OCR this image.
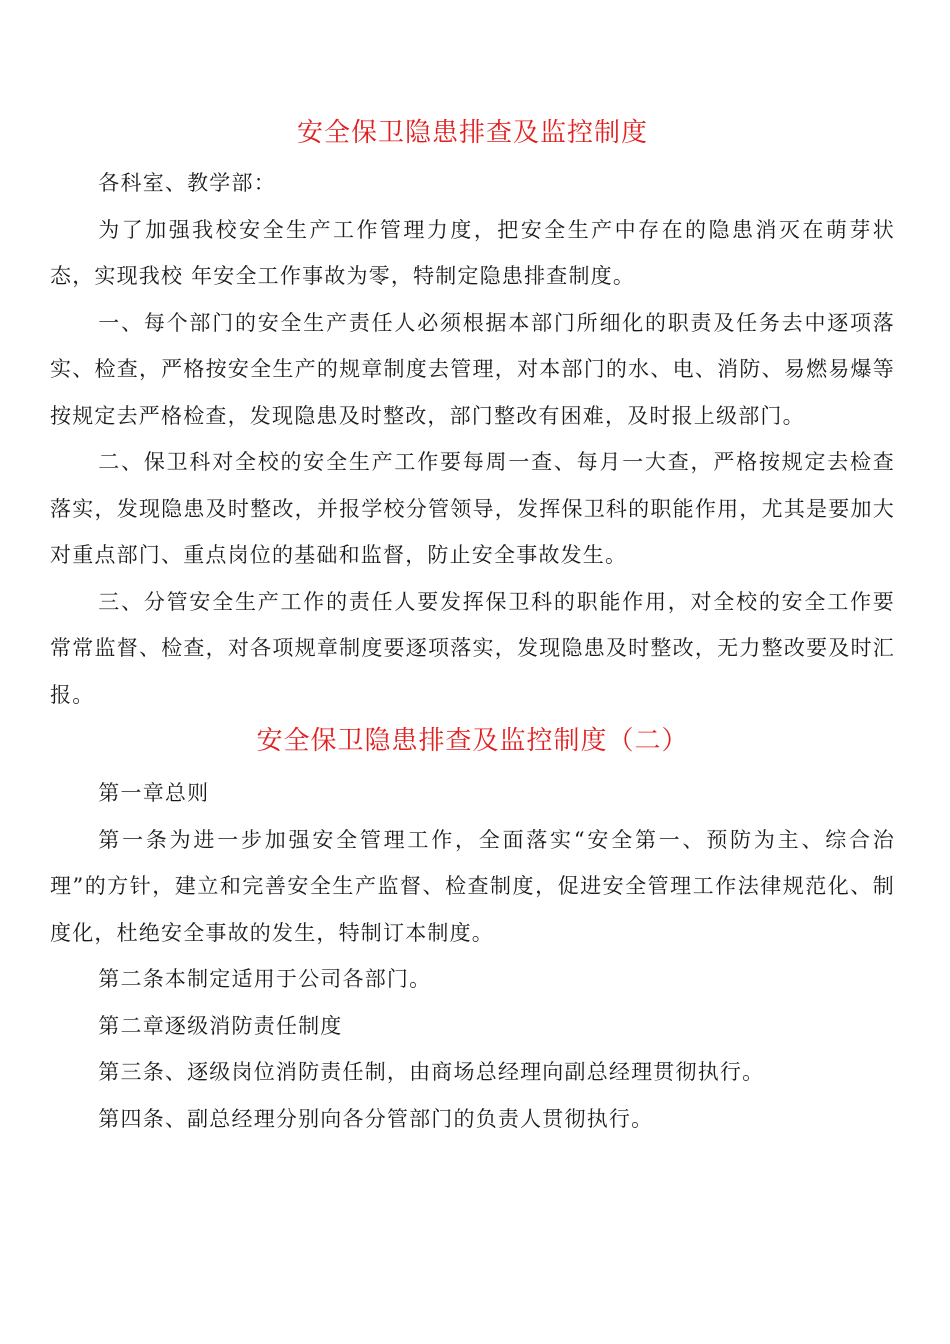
安全保卫隐患排查及监控制度

各科室、教学部：

为了加强我校安全生产工作管理力度，把安全生产中存在的隐患消灭在萌芽状态，实现我校 年安全工作事故为零，特制定隐患排查制度。

一、每个部门的安全生产责任人必须根据本部门所细化的职责及任务去中逐项落实、检查，严格按安全生产的规章制度去管理，对本部门的水、电、消防、易燃易爆等按规定去严格检查，发现隐患及时整改，部门整改有困难，及时报上级部门。

二、保卫科对全校的安全生产工作要每周一查、每月一大查，严格按规定去检查落实，发现隐患及时整改，并报学校分管领导，发挥保卫科的职能作用，尤其是要加大对重点部门、重点岗位的基础和监督，防止安全事故发生。

三、分管安全生产工作的责任人要发挥保卫科的职能作用，对全校的安全工作要常常监督、检查，对各项规章制度要逐项落实，发现隐患及时整改，无力整改要及时汇报。

安全保卫隐患排查及监控制度（二）

第一章总则

第一条为进一步加强安全管理工作，全面落实“安全第一、预防为主、综合治理”的方针，建立和完善安全生产监督、检查制度，促进安全管理工作法律规范化、制度化，杜绝安全事故的发生，特制订本制度。

第二条本制定适用于公司各部门。

第二章逐级消防责任制度

第三条、逐级岗位消防责任制，由商场总经理向副总经理贯彻执行。

第四条、副总经理分别向各分管部门的负责人贯彻执行。
